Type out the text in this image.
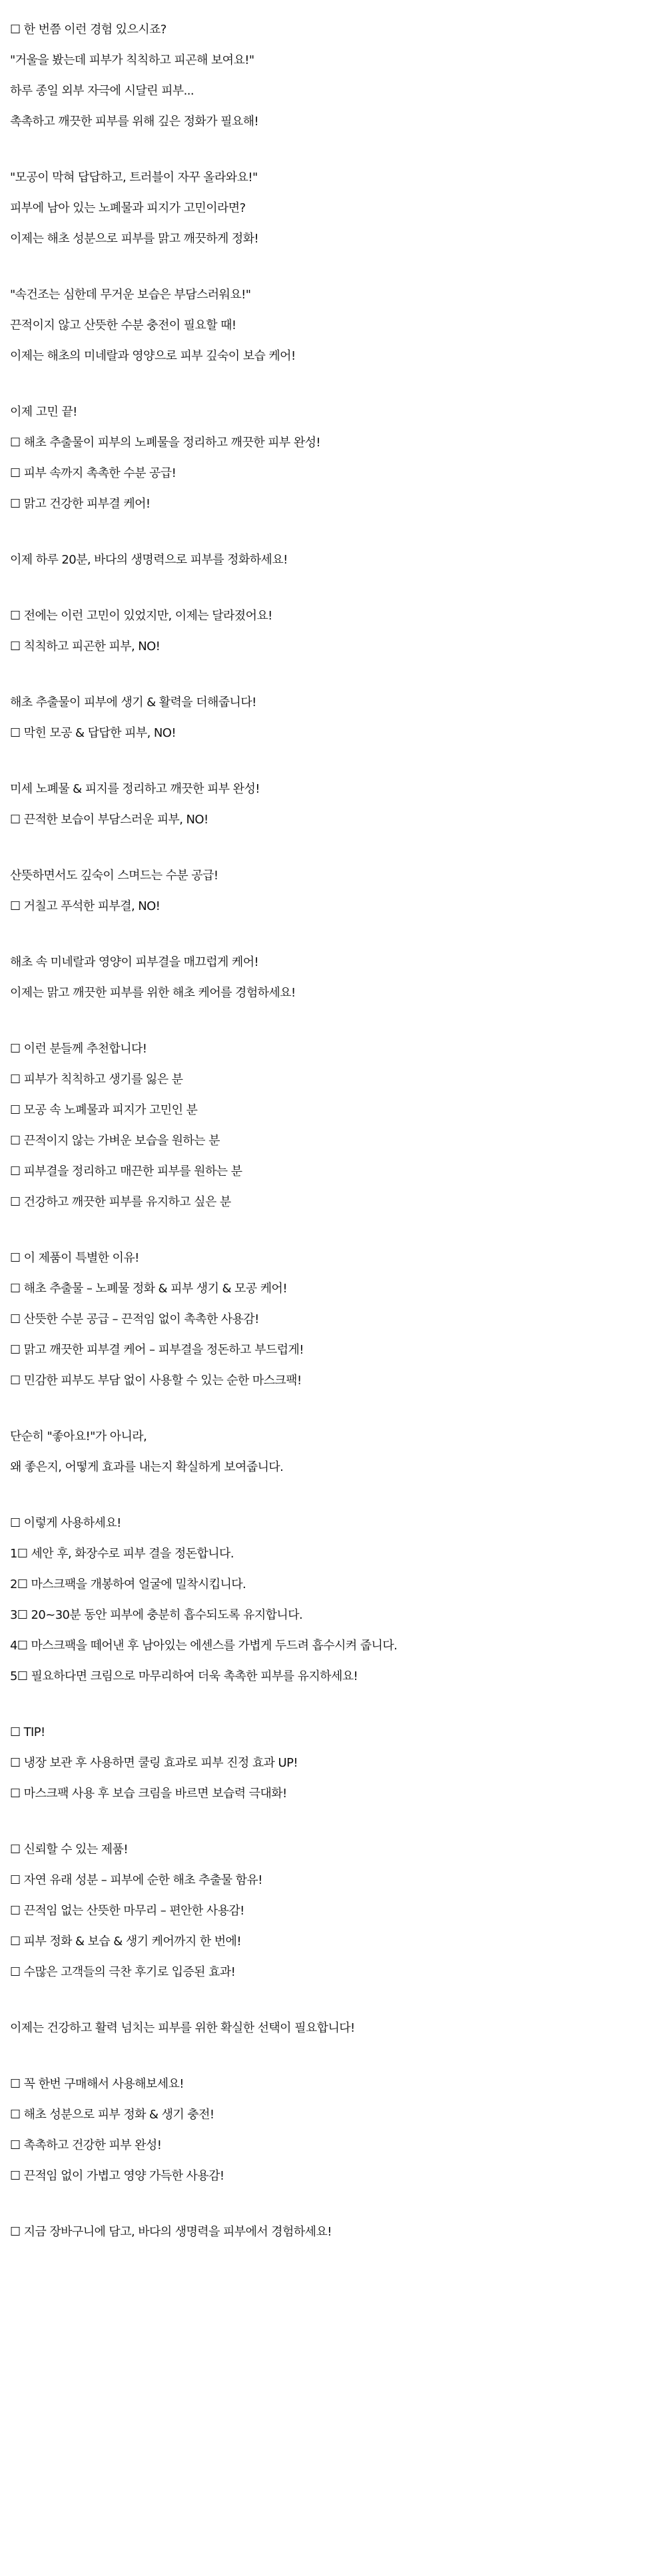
☐ 한 번쯤 이런 경험 있으시죠?
"거울을 봤는데 피부가 칙칙하고 피곤해 보여요!"
하루 종일 외부 자극에 시달린 피부...
촉촉하고 깨끗한 피부를 위해 깊은 정화가 필요해!
"모공이 막혀 답답하고, 트러블이 자꾸 올라와요!"
피부에 남아 있는 노폐물과 피지가 고민이라면?
이제는 해초 성분으로 피부를 맑고 깨끗하게 정화!
"속건조는 심한데 무거운 보습은 부담스러워요!"
끈적이지 않고 산뜻한 수분 충전이 필요할 때!
이제는 해초의 미네랄과 영양으로 피부 깊숙이 보습 케어!
이제 고민 끝!
☐ 해초 추출물이 피부의 노폐물을 정리하고 깨끗한 피부 완성!
☐ 피부 속까지 촉촉한 수분 공급!
☐ 맑고 건강한 피부결 케어!
이제 하루 20분, 바다의 생명력으로 피부를 정화하세요!
☐ 전에는 이런 고민이 있었지만, 이제는 달라졌어요!
☐ 칙칙하고 피곤한 피부, NO!
해초 추출물이 피부에 생기 & 활력을 더해줍니다!
☐ 막힌 모공 & 답답한 피부, NO!
미세 노폐물 & 피지를 정리하고 깨끗한 피부 완성!
☐ 끈적한 보습이 부담스러운 피부, NO!
산뜻하면서도 깊숙이 스며드는 수분 공급!
☐ 거칠고 푸석한 피부결, NO!
해초 속 미네랄과 영양이 피부결을 매끄럽게 케어!
이제는 맑고 깨끗한 피부를 위한 해초 케어를 경험하세요!
☐ 이런 분들께 추천합니다!
☐ 피부가 칙칙하고 생기를 잃은 분
☐ 모공 속 노폐물과 피지가 고민인 분
☐ 끈적이지 않는 가벼운 보습을 원하는 분
☐ 피부결을 정리하고 매끈한 피부를 원하는 분
☐ 건강하고 깨끗한 피부를 유지하고 싶은 분
☐ 이 제품이 특별한 이유!
☐ 해초 추출물 – 노폐물 정화 & 피부 생기 & 모공 케어!
☐ 산뜻한 수분 공급 – 끈적임 없이 촉촉한 사용감!
☐ 맑고 깨끗한 피부결 케어 – 피부결을 정돈하고 부드럽게!
☐ 민감한 피부도 부담 없이 사용할 수 있는 순한 마스크팩!
단순히 "좋아요!"가 아니라,
왜 좋은지, 어떻게 효과를 내는지 확실하게 보여줍니다.
☐ 이렇게 사용하세요!
1☐ 세안 후, 화장수로 피부 결을 정돈합니다.
2☐ 마스크팩을 개봉하여 얼굴에 밀착시킵니다.
3☐ 20~30분 동안 피부에 충분히 흡수되도록 유지합니다.
4☐ 마스크팩을 떼어낸 후 남아있는 에센스를 가볍게 두드려 흡수시켜 줍니다.
5☐ 필요하다면 크림으로 마무리하여 더욱 촉촉한 피부를 유지하세요!
☐ TIP!
☐ 냉장 보관 후 사용하면 쿨링 효과로 피부 진정 효과 UP!
☐ 마스크팩 사용 후 보습 크림을 바르면 보습력 극대화!
☐ 신뢰할 수 있는 제품!
☐ 자연 유래 성분 – 피부에 순한 해초 추출물 함유!
☐ 끈적임 없는 산뜻한 마무리 – 편안한 사용감!
☐ 피부 정화 & 보습 & 생기 케어까지 한 번에!
☐ 수많은 고객들의 극찬 후기로 입증된 효과!
이제는 건강하고 활력 넘치는 피부를 위한 확실한 선택이 필요합니다!
☐ 꼭 한번 구매해서 사용해보세요!
☐ 해초 성분으로 피부 정화 & 생기 충전!
☐ 촉촉하고 건강한 피부 완성!
☐ 끈적임 없이 가볍고 영양 가득한 사용감!
☐ 지금 장바구니에 담고, 바다의 생명력을 피부에서 경험하세요!
